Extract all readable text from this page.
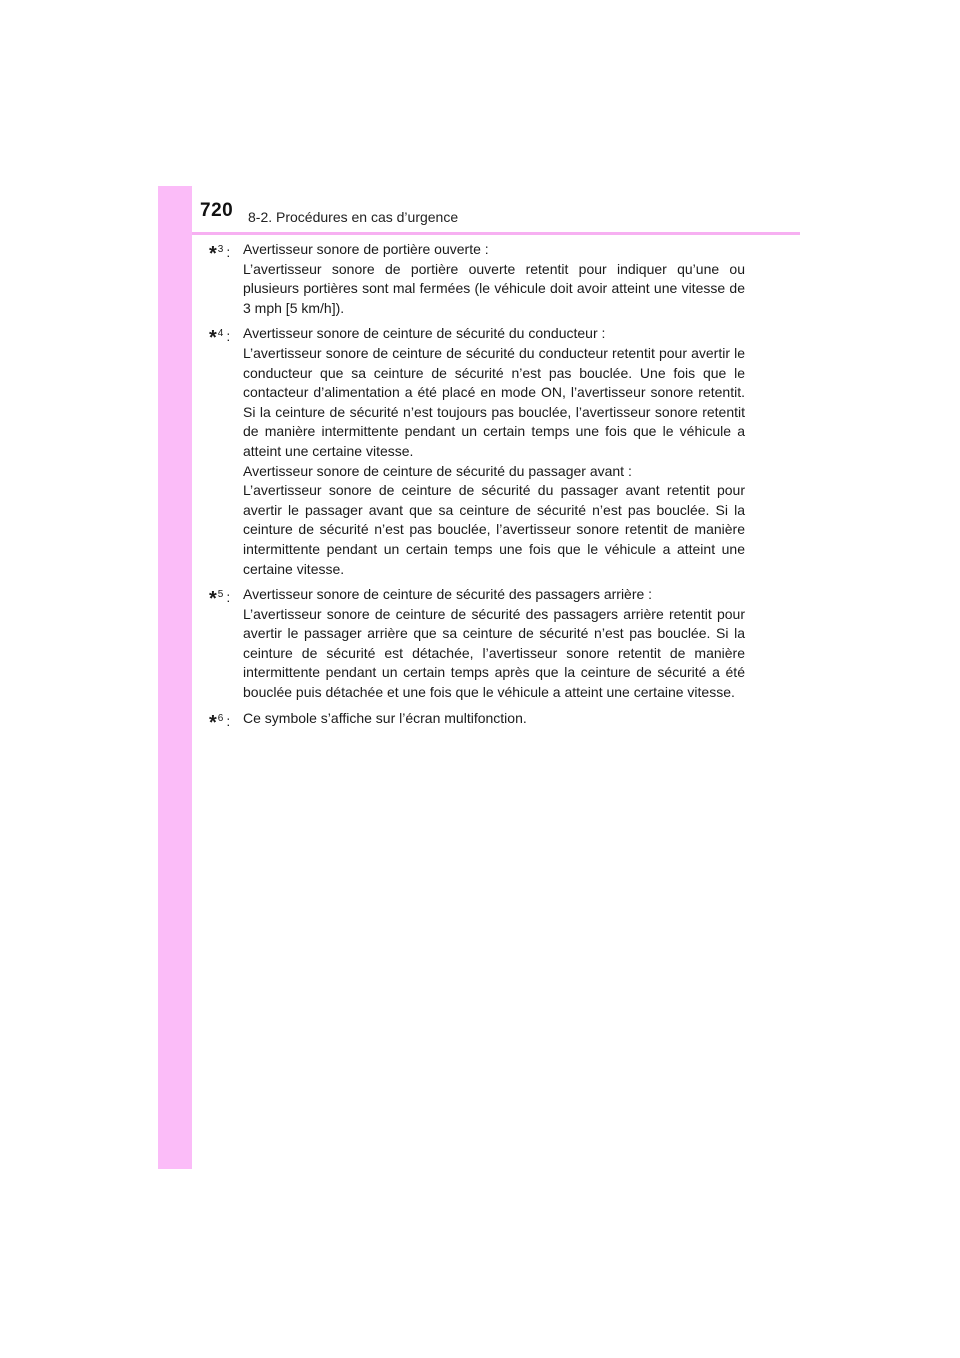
720 8-2. Procédures en cas d’urgence
*$^3$ : Avertisseur sonore de portière ouverte :
L’avertisseur sonore de portière ouverte retentit pour indiquer qu’une ou plusieurs portières sont mal fermées (le véhicule doit avoir atteint une vitesse de 3 mph [5 km/h]).
*$^4$ : Avertisseur sonore de ceinture de sécurité du conducteur :
L’avertisseur sonore de ceinture de sécurité du conducteur retentit pour avertir le conducteur que sa ceinture de sécurité n’est pas bouclée. Une fois que le contacteur d’alimentation a été placé en mode ON, l’avertisseur sonore retentit. Si la ceinture de sécurité n’est toujours pas bouclée, l’avertisseur sonore retentit de manière intermittente pendant un certain temps une fois que le véhicule a atteint une certaine vitesse.
Avertisseur sonore de ceinture de sécurité du passager avant :
L’avertisseur sonore de ceinture de sécurité du passager avant retentit pour avertir le passager avant que sa ceinture de sécurité n’est pas bouclée. Si la ceinture de sécurité n’est pas bouclée, l’avertisseur sonore retentit de manière intermittente pendant un certain temps une fois que le véhicule a atteint une certaine vitesse.
*$^5$ : Avertisseur sonore de ceinture de sécurité des passagers arrière :
L’avertisseur sonore de ceinture de sécurité des passagers arrière retentit pour avertir le passager arrière que sa ceinture de sécurité n’est pas bouclée. Si la ceinture de sécurité est détachée, l’avertisseur sonore retentit de manière intermittente pendant un certain temps après que la ceinture de sécurité a été bouclée puis détachée et une fois que le véhicule a atteint une certaine vitesse.
*$^6$ : Ce symbole s’affiche sur l’écran multifonction.
